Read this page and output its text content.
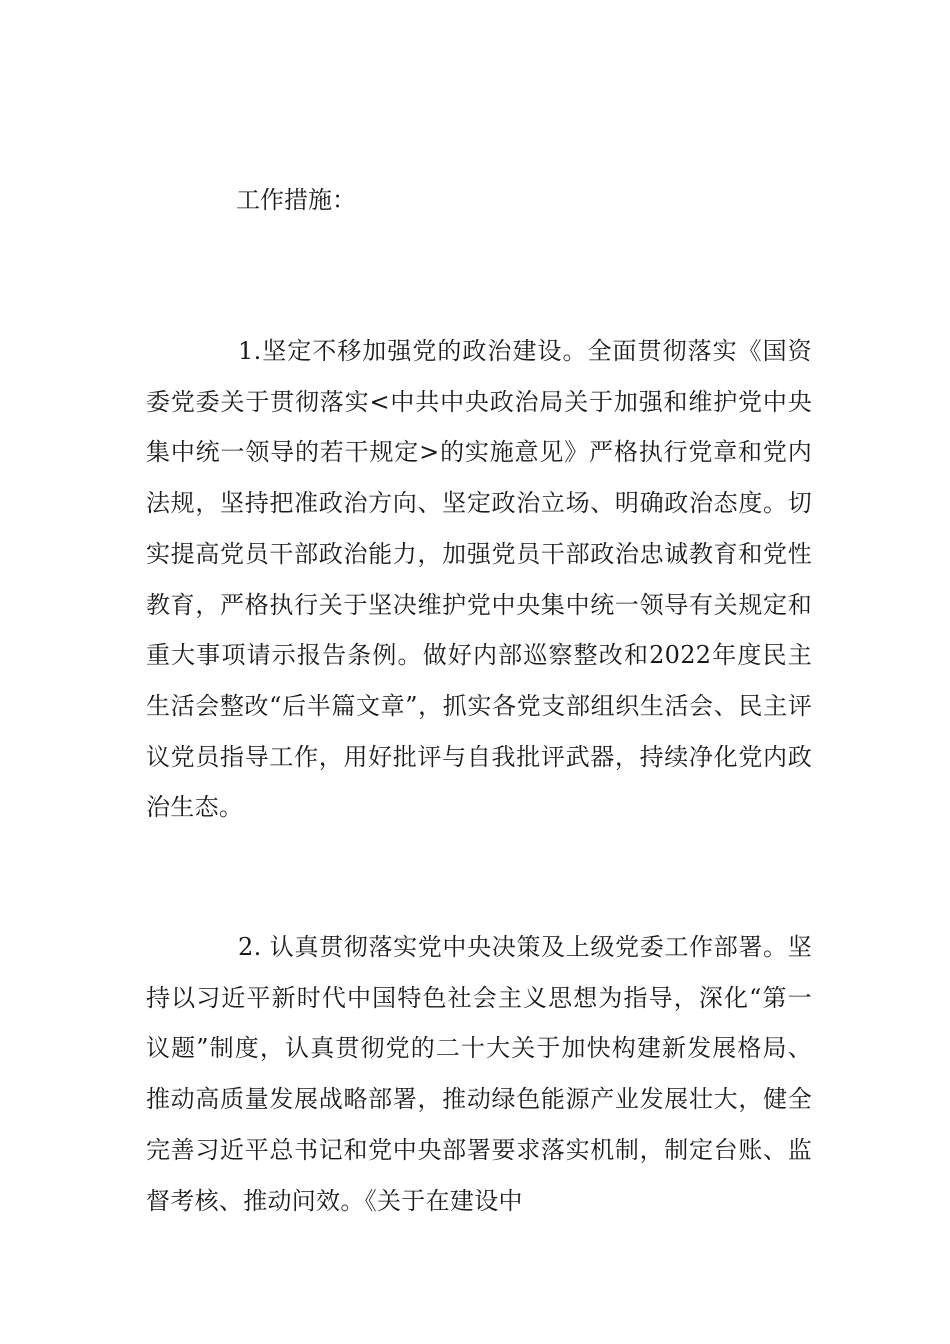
工作措施：

1.坚定不移加强党的政治建设。全面贯彻落实《国资委党委关于贯彻落实<中共中央政治局关于加强和维护党中央集中统一领导的若干规定>的实施意见》严格执行党章和党内法规，坚持把准政治方向、坚定政治立场、明确政治态度。切实提高党员干部政治能力，加强党员干部政治忠诚教育和党性教育，严格执行关于坚决维护党中央集中统一领导有关规定和重大事项请示报告条例。做好内部巡察整改和2022年度民主生活会整改“后半篇文章”，抓实各党支部组织生活会、民主评议党员指导工作，用好批评与自我批评武器，持续净化党内政治生态。

2. 认真贯彻落实党中央决策及上级党委工作部署。坚持以习近平新时代中国特色社会主义思想为指导，深化“第一议题”制度，认真贯彻党的二十大关于加快构建新发展格局、推动高质量发展战略部署，推动绿色能源产业发展壮大，健全完善习近平总书记和党中央部署要求落实机制，制定台账、监督考核、推动问效。《关于在建设中
